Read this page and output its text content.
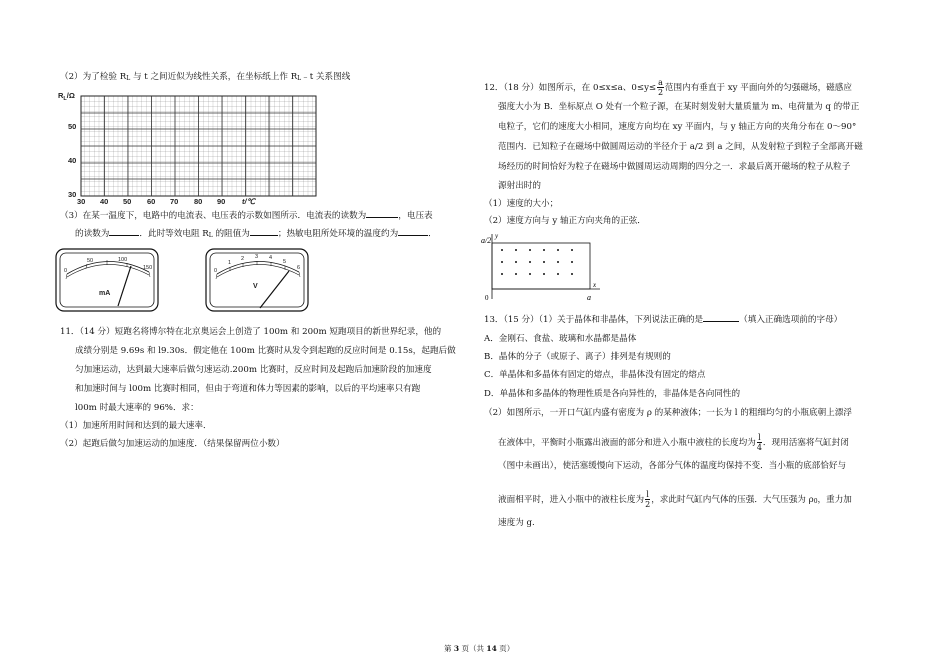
（2）为了检验 RL 与 t 之间近似为线性关系，在坐标纸上作 RL﹣t 关系图线
$R_L/\Omega$
50
40
30
30 40 50 60 70 80 90 t/℃
（3）在某一温度下，电路中的电流表、电压表的示数如图所示．电流表的读数为	，电压表
的读数为	．此时等效电阻 RL 的阻值为	；热敏电阻所处环境的温度约为	．
0
50	100
150
mA
0
1
2 3 4
5
6
V
11．（14 分）短跑名将博尔特在北京奥运会上创造了 100m 和 200m 短跑项目的新世界纪录，他的
成绩分别是 9.69s 和 l9.30s．假定他在 100m 比赛时从发令到起跑的反应时间是 0.15s，起跑后做
匀加速运动，达到最大速率后做匀速运动.200m 比赛时，反应时间及起跑后加速阶段的加速度
和加速时间与 l00m 比赛时相同，但由于弯道和体力等因素的影响，以后的平均速率只有跑
l00m 时最大速率的 96%．求：
（1）加速所用时间和达到的最大速率．
（2）起跑后做匀加速运动的加速度．（结果保留两位小数）
12．（18 分）如图所示，在 0≤x≤a、$0\le y\le \frac{a}{2}$ 范围内有垂直于 xy 平面向外的匀强磁场，磁感应
强度大小为 B．坐标原点 O 处有一个粒子源，在某时刻发射大量质量为 m、电荷量为 q 的带正
电粒子，它们的速度大小相同，速度方向均在 xy 平面内，与 y 轴正方向的夹角分布在 0～90°
范围内．已知粒子在磁场中做圆周运动的半径介于 a/2 到 a 之间，从发射粒子到粒子全部离开磁
场经历的时间恰好为粒子在磁场中做圆周运动周期的四分之一．求最后离开磁场的粒子从粒子
源射出时的
（1）速度的大小；
（2）速度方向与 y 轴正方向夹角的正弦．
a/2 y
x
0	a
13．（15 分）（1）关于晶体和非晶体，下列说法正确的是	（填入正确选项前的字母）
A．金刚石、食盐、玻璃和水晶都是晶体
B．晶体的分子（或原子、离子）排列是有规则的
C．单晶体和多晶体有固定的熔点，非晶体没有固定的熔点
D．单晶体和多晶体的物理性质是各向异性的，非晶体是各向同性的
（2）如图所示，一开口气缸内盛有密度为 ρ 的某种液体；一长为 l 的粗细均匀的小瓶底朝上漂浮
在液体中，平衡时小瓶露出液面的部分和进入小瓶中液柱的长度均为 $\frac{l}{4}$ ．现用活塞将气缸封闭
（图中未画出），使活塞缓慢向下运动，各部分气体的温度均保持不变．当小瓶的底部恰好与
液面相平时，进入小瓶中的液柱长度为 $\frac{l}{2}$ ，求此时气缸内气体的压强．大气压强为 ρ0，重力加
速度为 g.
第 3 页（共 14 页）
